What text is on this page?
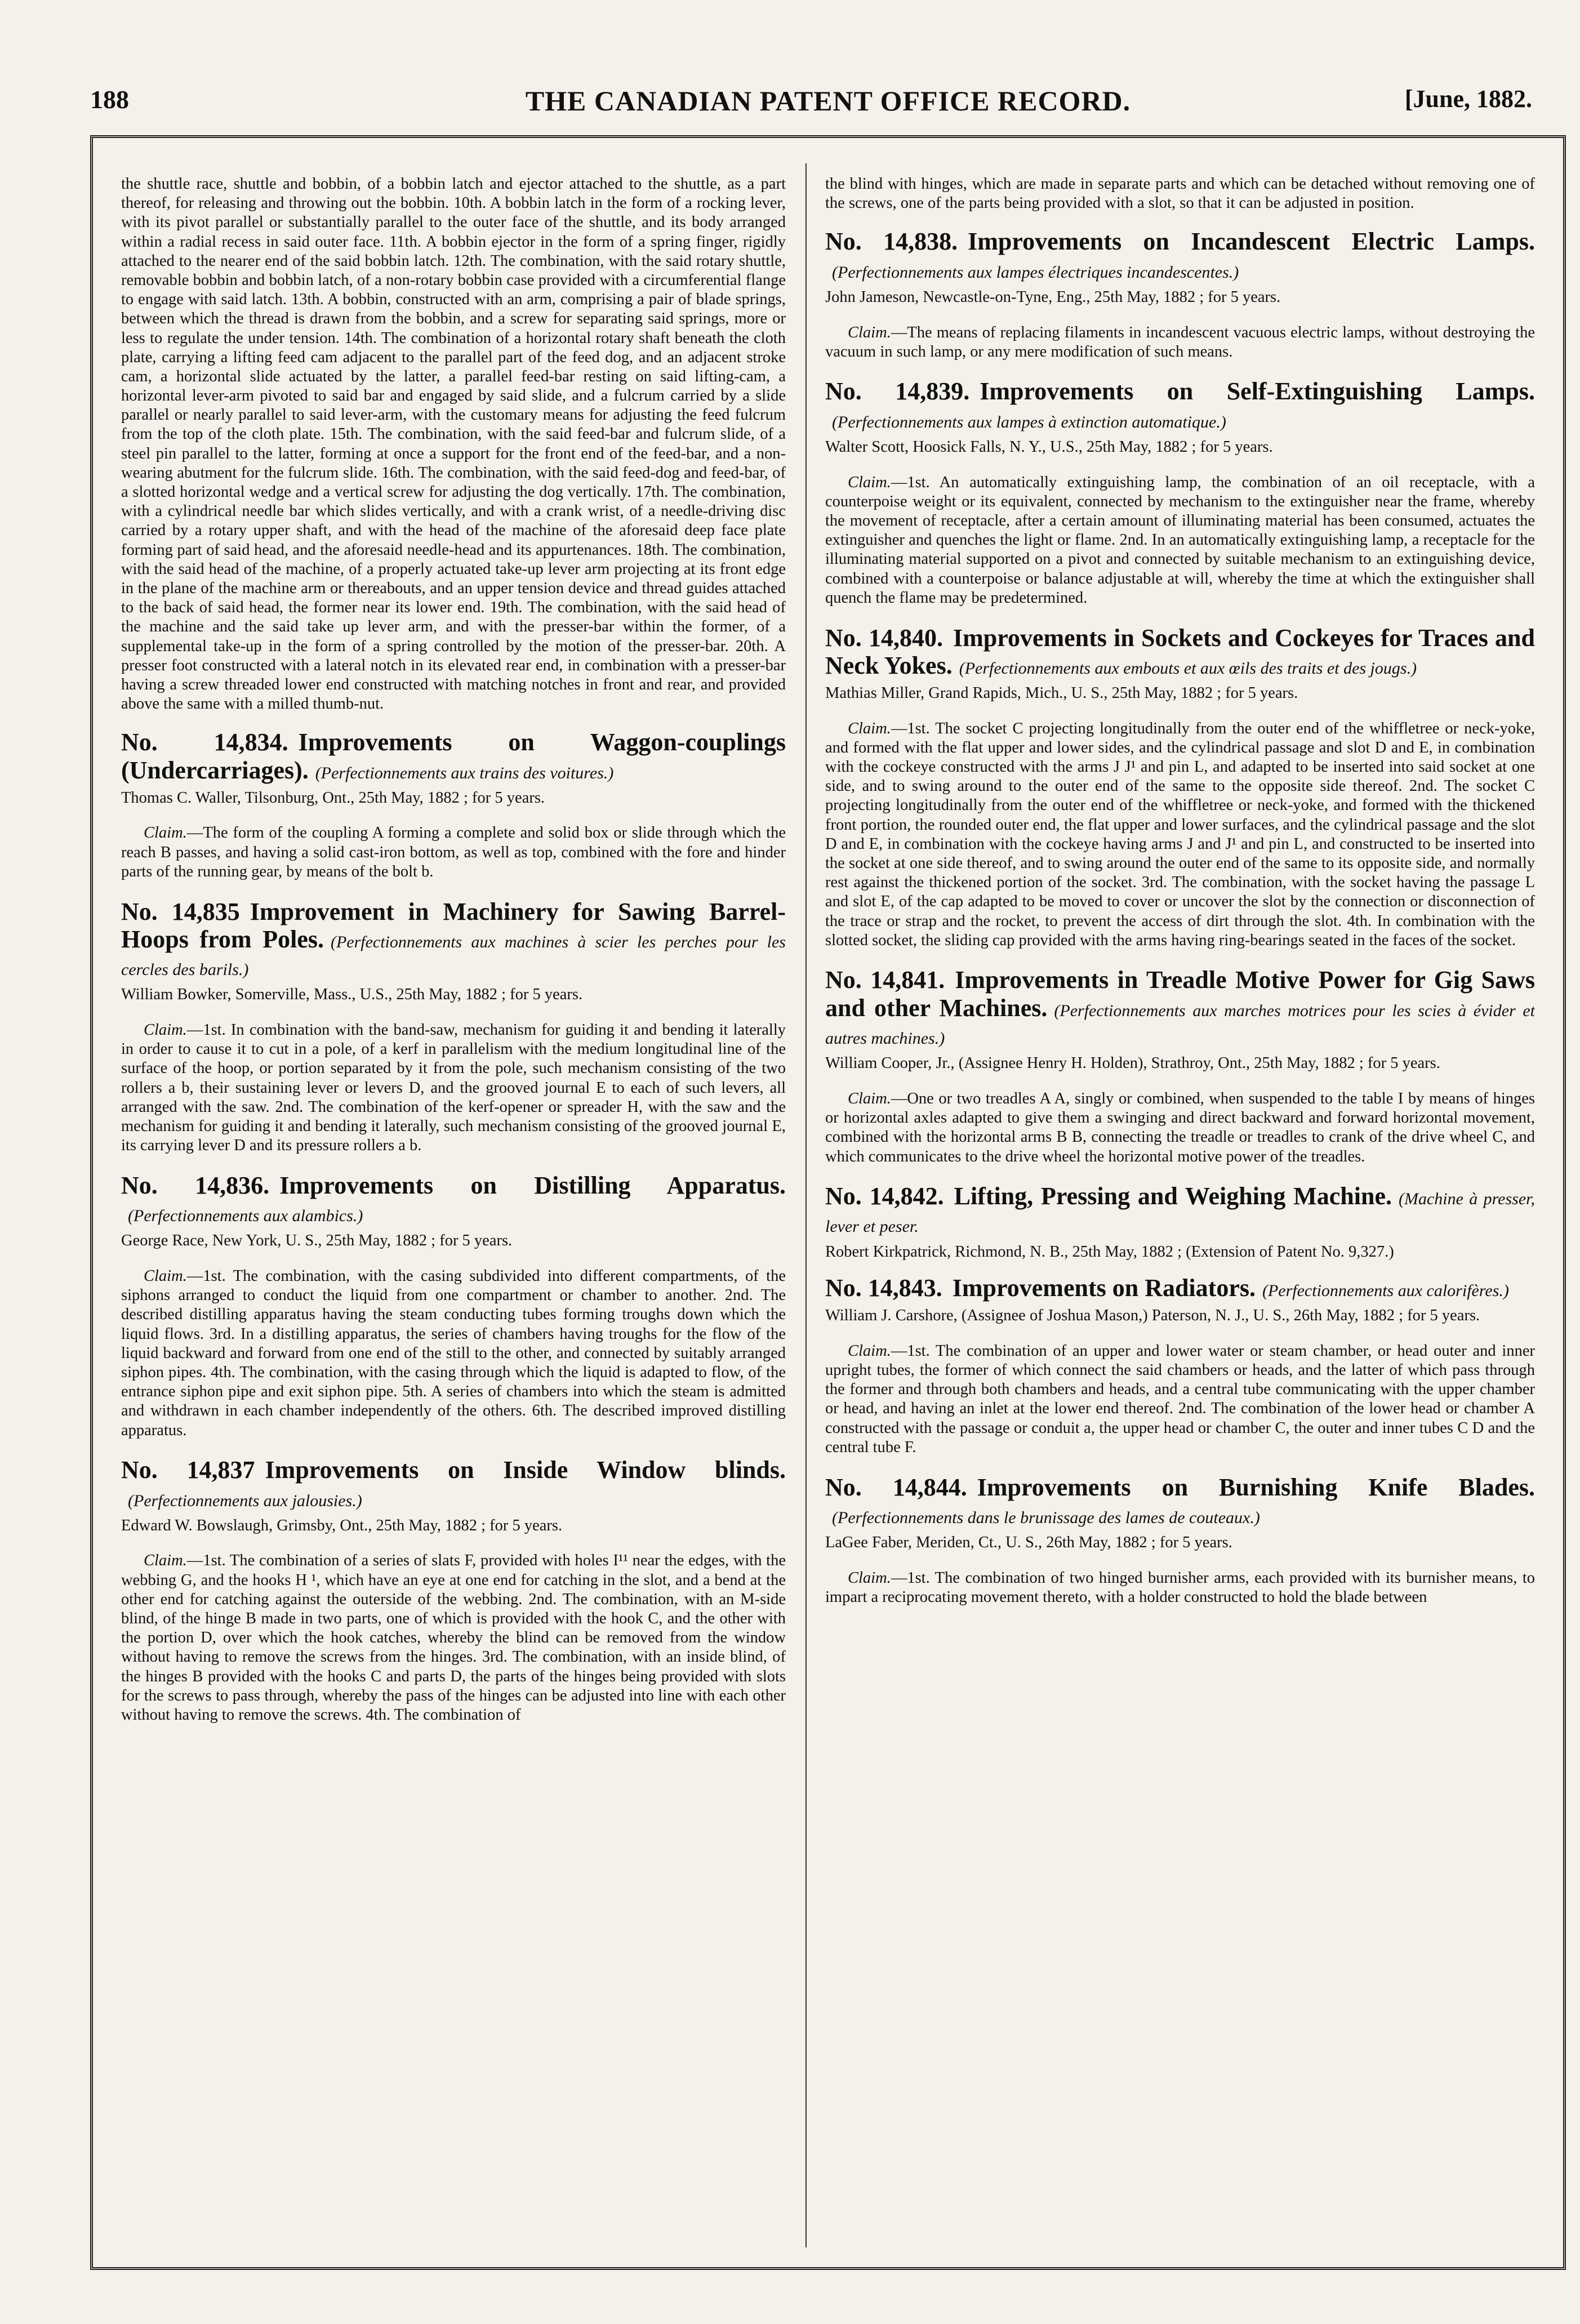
188	THE CANADIAN PATENT OFFICE RECORD.	[June, 1882.

the shuttle race, shuttle and bobbin, of a bobbin latch and ejector attached to the shuttle, as a part thereof, for releasing and throwing out the bobbin. 10th. A bobbin latch in the form of a rocking lever, with its pivot parallel or substantially parallel to the outer face of the shuttle, and its body arranged within a radial recess in said outer face. 11th. A bobbin ejector in the form of a spring finger, rigidly attached to the nearer end of the said bobbin latch. 12th. The combination, with the said rotary shuttle, removable bobbin and bobbin latch, of a non-rotary bobbin case provided with a circumferential flange to engage with said latch. 13th. A bobbin, constructed with an arm, comprising a pair of blade springs, between which the thread is drawn from the bobbin, and a screw for separating said springs, more or less to regulate the under tension. 14th. The combination of a horizontal rotary shaft beneath the cloth plate, carrying a lifting feed cam adjacent to the parallel part of the feed dog, and an adjacent stroke cam, a horizontal slide actuated by the latter, a parallel feed-bar resting on said lifting-cam, a horizontal lever-arm pivoted to said bar and engaged by said slide, and a fulcrum carried by a slide parallel or nearly parallel to said lever-arm, with the customary means for adjusting the feed fulcrum from the top of the cloth plate. 15th. The combination, with the said feed-bar and fulcrum slide, of a steel pin parallel to the latter, forming at once a support for the front end of the feed-bar, and a non-wearing abutment for the fulcrum slide. 16th. The combination, with the said feed-dog and feed-bar, of a slotted horizontal wedge and a vertical screw for adjusting the dog vertically. 17th. The combination, with a cylindrical needle bar which slides vertically, and with a crank wrist, of a needle-driving disc carried by a rotary upper shaft, and with the head of the machine of the aforesaid deep face plate forming part of said head, and the aforesaid needle-head and its appurtenances. 18th. The combination, with the said head of the machine, of a properly actuated take-up lever arm projecting at its front edge in the plane of the machine arm or thereabouts, and an upper tension device and thread guides attached to the back of said head, the former near its lower end. 19th. The combination, with the said head of the machine and the said take up lever arm, and with the presser-bar within the former, of a supplemental take-up in the form of a spring controlled by the motion of the presser-bar. 20th. A presser foot constructed with a lateral notch in its elevated rear end, in combination with a presser-bar having a screw threaded lower end constructed with matching notches in front and rear, and provided above the same with a milled thumb-nut.

No. 14,834. Improvements on Waggon-couplings (Undercarriages). (Perfectionnements aux trains des voitures.)

Thomas C. Waller, Tilsonburg, Ont., 25th May, 1882 ; for 5 years.

Claim.—The form of the coupling A forming a complete and solid box or slide through which the reach B passes, and having a solid cast-iron bottom, as well as top, combined with the fore and hinder parts of the running gear, by means of the bolt b.

No. 14,835 Improvement in Machinery for Sawing Barrel-Hoops from Poles. (Perfectionnements aux machines à scier les perches pour les cercles des barils.)

William Bowker, Somerville, Mass., U.S., 25th May, 1882 ; for 5 years.

Claim.—1st. In combination with the band-saw, mechanism for guiding it and bending it laterally in order to cause it to cut in a pole, of a kerf in parallelism with the medium longitudinal line of the surface of the hoop, or portion separated by it from the pole, such mechanism consisting of the two rollers a b, their sustaining lever or levers D, and the grooved journal E to each of such levers, all arranged with the saw. 2nd. The combination of the kerf-opener or spreader H, with the saw and the mechanism for guiding it and bending it laterally, such mechanism consisting of the grooved journal E, its carrying lever D and its pressure rollers a b.

No. 14,836. Improvements on Distilling Apparatus.(Perfectionnements aux alambics.)

George Race, New York, U. S., 25th May, 1882 ; for 5 years.

Claim.—1st. The combination, with the casing subdivided into different compartments, of the siphons arranged to conduct the liquid from one compartment or chamber to another. 2nd. The described distilling apparatus having the steam conducting tubes forming troughs down which the liquid flows. 3rd. In a distilling apparatus, the series of chambers having troughs for the flow of the liquid backward and forward from one end of the still to the other, and connected by suitably arranged siphon pipes. 4th. The combination, with the casing through which the liquid is adapted to flow, of the entrance siphon pipe and exit siphon pipe. 5th. A series of chambers into which the steam is admitted and withdrawn in each chamber independently of the others. 6th. The described improved distilling apparatus.

No. 14,837 Improvements on Inside Window blinds.(Perfectionnements aux jalousies.)

Edward W. Bowslaugh, Grimsby, Ont., 25th May, 1882 ; for 5 years.

Claim.—1st. The combination of a series of slats F, provided with holes I¹¹ near the edges, with the webbing G, and the hooks H ¹, which have an eye at one end for catching in the slot, and a bend at the other end for catching against the outerside of the webbing. 2nd. The combination, with an M-side blind, of the hinge B made in two parts, one of which is provided with the hook C, and the other with the portion D, over which the hook catches, whereby the blind can be removed from the window without having to remove the screws from the hinges. 3rd. The combination, with an inside blind, of the hinges B provided with the hooks C and parts D, the parts of the hinges being provided with slots for the screws to pass through, whereby the pass of the hinges can be adjusted into line with each other without having to remove the screws. 4th. The combination of

the blind with hinges, which are made in separate parts and which can be detached without removing one of the screws, one of the parts being provided with a slot, so that it can be adjusted in position.

No. 14,838. Improvements on Incandescent Electric Lamps.(Perfectionnements aux lampes électriques incandescentes.)

John Jameson, Newcastle-on-Tyne, Eng., 25th May, 1882 ; for 5 years.

Claim.—The means of replacing filaments in incandescent vacuous electric lamps, without destroying the vacuum in such lamp, or any mere modification of such means.

No. 14,839. Improvements on Self-Extinguishing Lamps.(Perfectionnements aux lampes à extinction automatique.)

Walter Scott, Hoosick Falls, N. Y., U.S., 25th May, 1882 ; for 5 years.

Claim.—1st. An automatically extinguishing lamp, the combination of an oil receptacle, with a counterpoise weight or its equivalent, connected by mechanism to the extinguisher near the frame, whereby the movement of receptacle, after a certain amount of illuminating material has been consumed, actuates the extinguisher and quenches the light or flame. 2nd. In an automatically extinguishing lamp, a receptacle for the illuminating material supported on a pivot and connected by suitable mechanism to an extinguishing device, combined with a counterpoise or balance adjustable at will, whereby the time at which the extinguisher shall quench the flame may be predetermined.

No. 14,840. Improvements in Sockets and Cockeyes for Traces and Neck Yokes. (Perfectionnements aux embouts et aux œils des traits et des jougs.)

Mathias Miller, Grand Rapids, Mich., U. S., 25th May, 1882 ; for 5 years.

Claim.—1st. The socket C projecting longitudinally from the outer end of the whiffletree or neck-yoke, and formed with the flat upper and lower sides, and the cylindrical passage and slot D and E, in combination with the cockeye constructed with the arms J J¹ and pin L, and adapted to be inserted into said socket at one side, and to swing around to the outer end of the same to the opposite side thereof. 2nd. The socket C projecting longitudinally from the outer end of the whiffletree or neck-yoke, and formed with the thickened front portion, the rounded outer end, the flat upper and lower surfaces, and the cylindrical passage and the slot D and E, in combination with the cockeye having arms J and J¹ and pin L, and constructed to be inserted into the socket at one side thereof, and to swing around the outer end of the same to its opposite side, and normally rest against the thickened portion of the socket. 3rd. The combination, with the socket having the passage L and slot E, of the cap adapted to be moved to cover or uncover the slot by the connection or disconnection of the trace or strap and the rocket, to prevent the access of dirt through the slot. 4th. In combination with the slotted socket, the sliding cap provided with the arms having ring-bearings seated in the faces of the socket.

No. 14,841. Improvements in Treadle Motive Power for Gig Saws and other Machines. (Perfectionnements aux marches motrices pour les scies à évider et autres machines.)

William Cooper, Jr., (Assignee Henry H. Holden), Strathroy, Ont., 25th May, 1882 ; for 5 years.

Claim.—One or two treadles A A, singly or combined, when suspended to the table I by means of hinges or horizontal axles adapted to give them a swinging and direct backward and forward horizontal movement, combined with the horizontal arms B B, connecting the treadle or treadles to crank of the drive wheel C, and which communicates to the drive wheel the horizontal motive power of the treadles.

No. 14,842. Lifting, Pressing and Weighing Machine. (Machine à presser, lever et peser.

Robert Kirkpatrick, Richmond, N. B., 25th May, 1882 ; (Extension of Patent No. 9,327.)

No. 14,843. Improvements on Radiators. (Perfectionnements aux calorifères.)

William J. Carshore, (Assignee of Joshua Mason,) Paterson, N. J., U. S., 26th May, 1882 ; for 5 years.

Claim.—1st. The combination of an upper and lower water or steam chamber, or head outer and inner upright tubes, the former of which connect the said chambers or heads, and the latter of which pass through the former and through both chambers and heads, and a central tube communicating with the upper chamber or head, and having an inlet at the lower end thereof. 2nd. The combination of the lower head or chamber A constructed with the passage or conduit a, the upper head or chamber C, the outer and inner tubes C D and the central tube F.

No. 14,844. Improvements on Burnishing Knife Blades.(Perfectionnements dans le brunissage des lames de couteaux.)

LaGee Faber, Meriden, Ct., U. S., 26th May, 1882 ; for 5 years.

Claim.—1st. The combination of two hinged burnisher arms, each provided with its burnisher means, to impart a reciprocating movement thereto, with a holder constructed to hold the blade between
